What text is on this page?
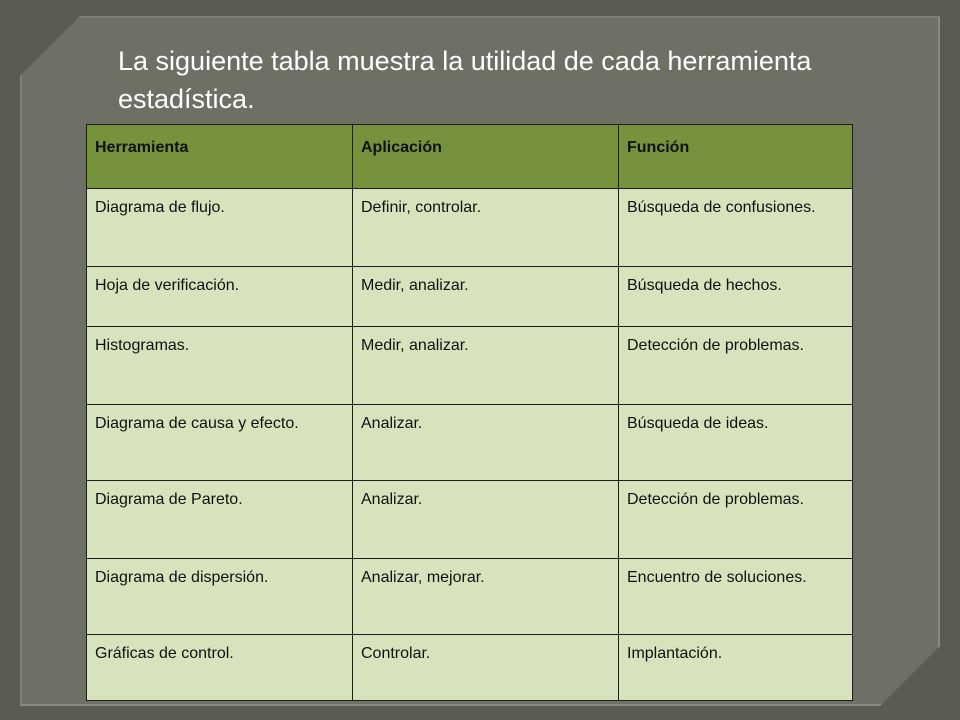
La siguiente tabla muestra la utilidad de cada herramienta estadística.

Herramienta	Aplicación	Función

Diagrama de flujo.	Definir, controlar.	Búsqueda de confusiones.

Hoja de verificación.	Medir, analizar.	Búsqueda de hechos.

Histogramas.	Medir, analizar.	Detección de problemas.

Diagrama de causa y efecto.	Analizar.	Búsqueda de ideas.

Diagrama de Pareto.	Analizar.	Detección de problemas.

Diagrama de dispersión.	Analizar, mejorar.	Encuentro de soluciones.

Gráficas de control.	Controlar.	Implantación.
